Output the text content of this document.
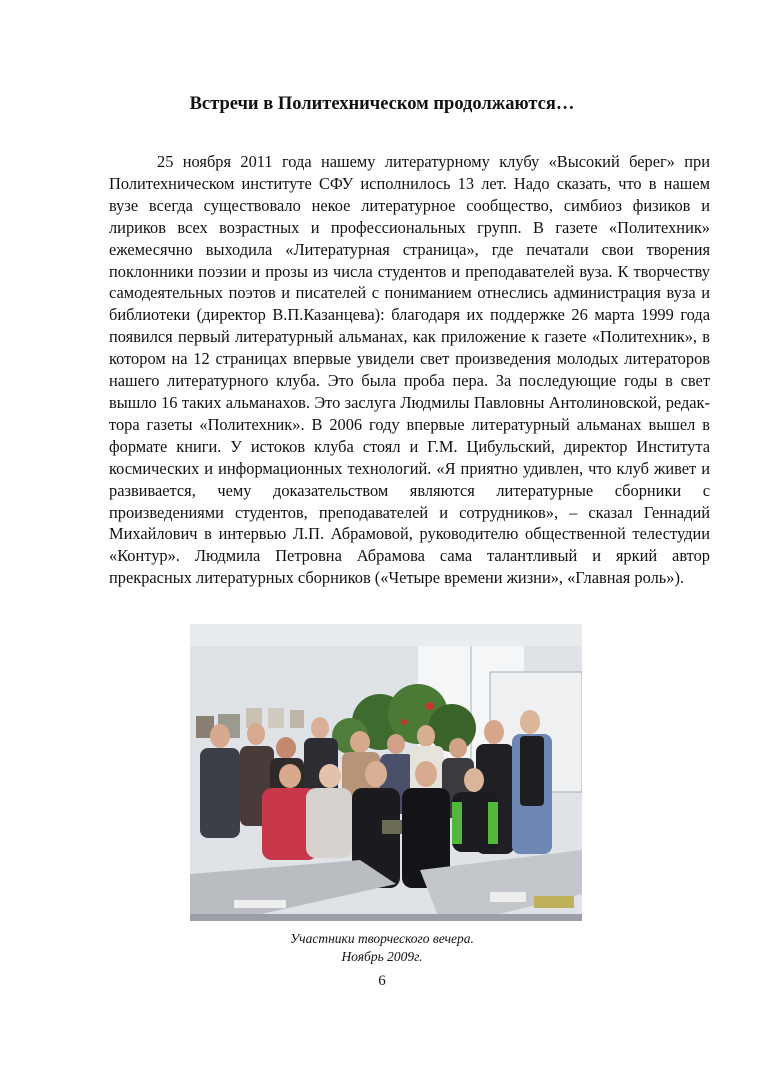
Встречи в Политехническом продолжаются…

25 ноября 2011 года нашему литературному клубу «Высокий берег» при Политехническом институте СФУ исполнилось 13 лет. Надо сказать, что в нашем вузе всегда существовало некое литературное сообщество, симбиоз физиков и лириков всех возрастных и профессиональных групп. В газете «Политехник» ежемесячно выходила «Литературная страница», где печатали свои творения поклонники поэзии и прозы из числа студентов и преподавателей вуза. К творчеству самодеятельных поэтов и писателей с пониманием отнеслись администрация вуза и библиотеки (директор В.П.Казанцева): благодаря их поддержке 26 марта 1999 года появился первый литературный альманах, как приложение к газете «Политехник», в котором на 12 страницах впервые увидели свет произведения молодых литераторов нашего литературного клуба. Это была проба пера. За последующие годы в свет вышло 16 таких альманахов. Это заслуга Людмилы Павловны Антолиновской, редактора газеты «Политехник». В 2006 году впервые литературный альманах вышел в формате книги. У истоков клуба стоял и Г.М. Цибульский, директор Института космических и информационных технологий. «Я приятно удивлен, что клуб живет и развивается, чему доказательством являются литературные сборники с произведениями студентов, преподавателей и сотрудников», – сказал Геннадий Михайлович в интервью Л.П. Абрамовой, руководителю общественной телестудии «Контур». Людмила Петровна Абрамова сама талантливый и яркий автор прекрасных литературных сборников («Четыре времени жизни», «Главная роль»).

Участники творческого вечера.
Ноябрь 2009г.
6
